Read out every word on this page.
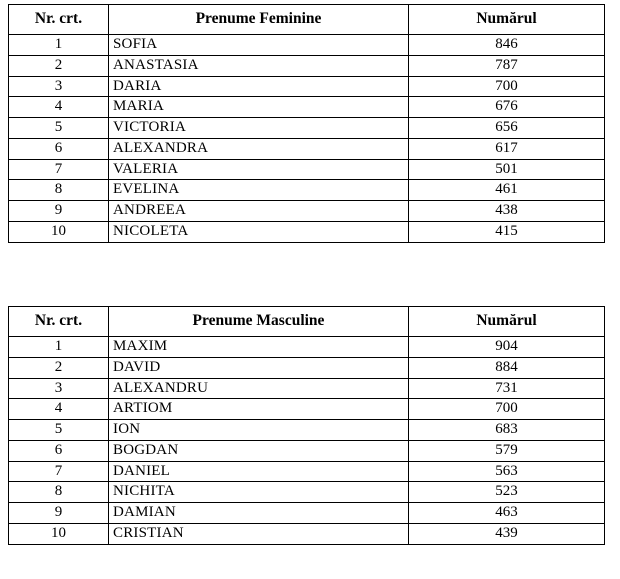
Nr. crt.	Prenume Feminine	Numărul
1	SOFIA	846
2	ANASTASIA	787
3	DARIA	700
4	MARIA	676
5	VICTORIA	656
6	ALEXANDRA	617
7	VALERIA	501
8	EVELINA	461
9	ANDREEA	438
10	NICOLETA	415
Nr. crt.	Prenume Masculine	Numărul
1	MAXIM	904
2	DAVID	884
3	ALEXANDRU	731
4	ARTIOM	700
5	ION	683
6	BOGDAN	579
7	DANIEL	563
8	NICHITA	523
9	DAMIAN	463
10	CRISTIAN	439
